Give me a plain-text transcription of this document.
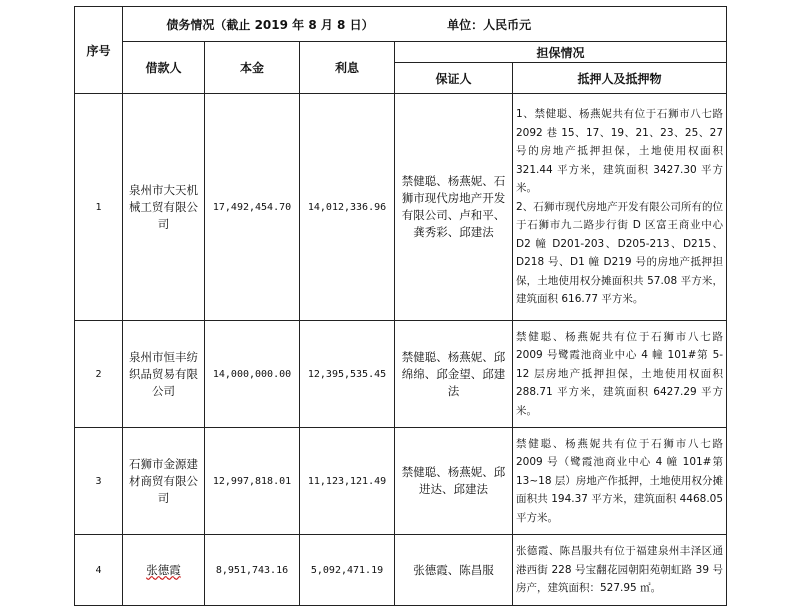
序号	债务情况（截止 2019 年 8 月 8 日） 单位：人民币元				
	借款人	本金	利息	担保情况	
				保证人	抵押人及抵押物
1	泉州市大天机械工贸有限公司	17,492,454.70	14,012,336.96	禁健聪、杨燕妮、石狮市现代房地产开发有限公司、卢和平、龚秀彩、邱建法	1、禁健聪、杨燕妮共有位于石狮市八七路 2092 巷 15、17、19、21、23、25、27 号的房地产抵押担保，土地使用权面积 321.44 平方米，建筑面积 3427.30 平方米。
2、石狮市现代房地产开发有限公司所有的位于石狮市九二路步行街 D 区富王商业中心 D2 幢 D201-203、D205-213、D215、D218 号、D1 幢 D219 号的房地产抵押担保，土地使用权分摊面积共 57.08 平方米，建筑面积 616.77 平方米。

2	泉州市恒丰纺织品贸易有限公司	14,000,000.00	12,395,535.45	禁健聪、杨燕妮、邱绵绵、邱金望、邱建法	禁健聪、杨燕妮共有位于石狮市八七路 2009 号鹭霞池商业中心 4 幢 101#第 5-12 层房地产抵押担保，土地使用权面积 288.71 平方米，建筑面积 6427.29 平方米。

3	石狮市金源建材商贸有限公司	12,997,818.01	11,123,121.49	禁健聪、杨燕妮、邱进达、邱建法	禁健聪、杨燕妮共有位于石狮市八七路 2009 号（鹭霞池商业中心 4 幢 101#第 13~18 层）房地产作抵押，土地使用权分摊面积共 194.37 平方米，建筑面积 4468.05 平方米。

4	张德霞	8,951,743.16	5,092,471.19	张德霞、陈昌服	张德霞、陈昌服共有位于福建泉州丰泽区通港西街 228 号宝翻花园朝阳苑朝虹路 39 号房产，建筑面积：527.95 ㎡。
